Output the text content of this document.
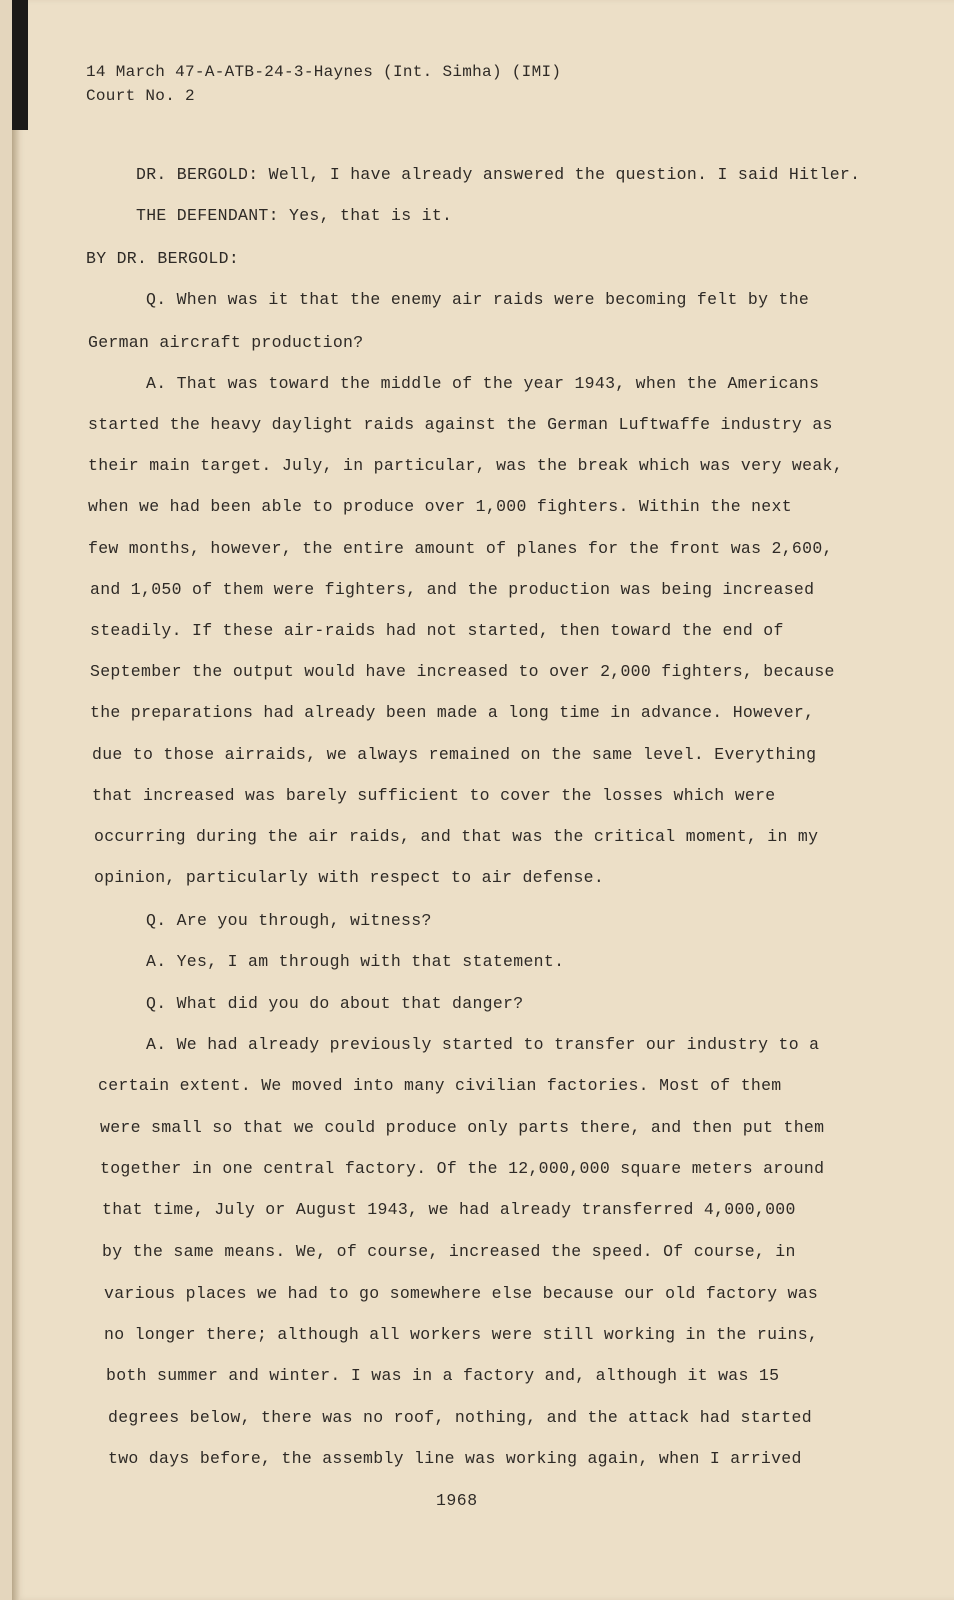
14 March 47-A-ATB-24-3-Haynes (Int. Simha) (IMI)
Court No. 2
DR. BERGOLD: Well, I have already answered the question. I said Hitler.
THE DEFENDANT: Yes, that is it.
BY DR. BERGOLD:
Q. When was it that the enemy air raids were becoming felt by the
German aircraft production?
A. That was toward the middle of the year 1943, when the Americans
started the heavy daylight raids against the German Luftwaffe industry as
their main target. July, in particular, was the break which was very weak,
when we had been able to produce over 1,000 fighters. Within the next
few months, however, the entire amount of planes for the front was 2,600,
and 1,050 of them were fighters, and the production was being increased
steadily. If these air-raids had not started, then toward the end of
September the output would have increased to over 2,000 fighters, because
the preparations had already been made a long time in advance. However,
due to those airraids, we always remained on the same level. Everything
that increased was barely sufficient to cover the losses which were
occurring during the air raids, and that was the critical moment, in my
opinion, particularly with respect to air defense.
Q. Are you through, witness?
A. Yes, I am through with that statement.
Q. What did you do about that danger?
A. We had already previously started to transfer our industry to a
certain extent. We moved into many civilian factories. Most of them
were small so that we could produce only parts there, and then put them
together in one central factory. Of the 12,000,000 square meters around
that time, July or August 1943, we had already transferred 4,000,000
by the same means. We, of course, increased the speed. Of course, in
various places we had to go somewhere else because our old factory was
no longer there; although all workers were still working in the ruins,
both summer and winter. I was in a factory and, although it was 15
degrees below, there was no roof, nothing, and the attack had started
two days before, the assembly line was working again, when I arrived
1968
